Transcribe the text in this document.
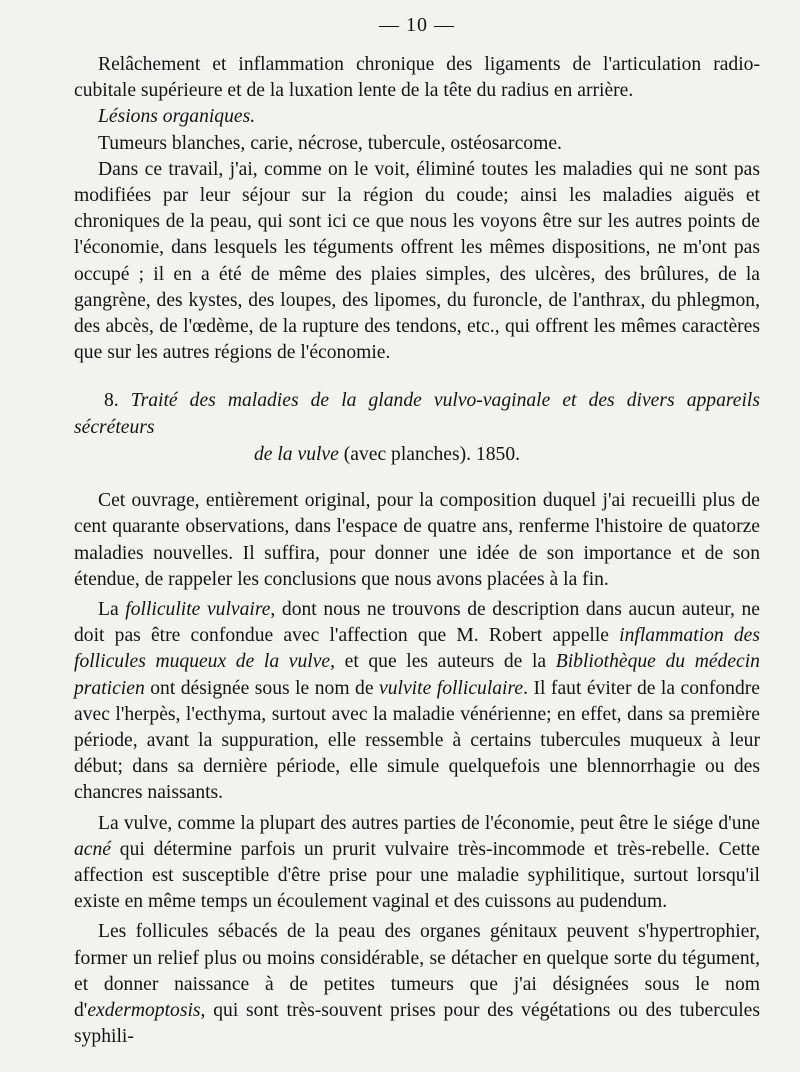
— 10 —

Relâchement et inflammation chronique des ligaments de l'articulation radio-cubitale supérieure et de la luxation lente de la tête du radius en arrière.

Lésions organiques.

Tumeurs blanches, carie, nécrose, tubercule, ostéosarcome.

Dans ce travail, j'ai, comme on le voit, éliminé toutes les maladies qui ne sont pas modifiées par leur séjour sur la région du coude; ainsi les maladies aiguës et chroniques de la peau, qui sont ici ce que nous les voyons être sur les autres points de l'économie, dans lesquels les téguments offrent les mêmes dispositions, ne m'ont pas occupé ; il en a été de même des plaies simples, des ulcères, des brûlures, de la gangrène, des kystes, des loupes, des lipomes, du furoncle, de l'anthrax, du phlegmon, des abcès, de l'œdème, de la rupture des tendons, etc., qui offrent les mêmes caractères que sur les autres régions de l'économie.

8. Traité des maladies de la glande vulvo-vaginale et des divers appareils sécréteurs
de la vulve (avec planches). 1850.

Cet ouvrage, entièrement original, pour la composition duquel j'ai recueilli plus de cent quarante observations, dans l'espace de quatre ans, renferme l'histoire de quatorze maladies nouvelles. Il suffira, pour donner une idée de son importance et de son étendue, de rappeler les conclusions que nous avons placées à la fin.

La folliculite vulvaire, dont nous ne trouvons de description dans aucun auteur, ne doit pas être confondue avec l'affection que M. Robert appelle inflammation des follicules muqueux de la vulve, et que les auteurs de la Bibliothèque du médecin praticien ont désignée sous le nom de vulvite folliculaire. Il faut éviter de la confondre avec l'herpès, l'ecthyma, surtout avec la maladie vénérienne; en effet, dans sa première période, avant la suppuration, elle ressemble à certains tubercules muqueux à leur début; dans sa dernière période, elle simule quelquefois une blennorrhagie ou des chancres naissants.

La vulve, comme la plupart des autres parties de l'économie, peut être le siége d'une acné qui détermine parfois un prurit vulvaire très-incommode et très-rebelle. Cette affection est susceptible d'être prise pour une maladie syphilitique, surtout lorsqu'il existe en même temps un écoulement vaginal et des cuissons au pudendum.

Les follicules sébacés de la peau des organes génitaux peuvent s'hypertrophier, former un relief plus ou moins considérable, se détacher en quelque sorte du tégument, et donner naissance à de petites tumeurs que j'ai désignées sous le nom d'exdermoptosis, qui sont très-souvent prises pour des végétations ou des tubercules syphili-
